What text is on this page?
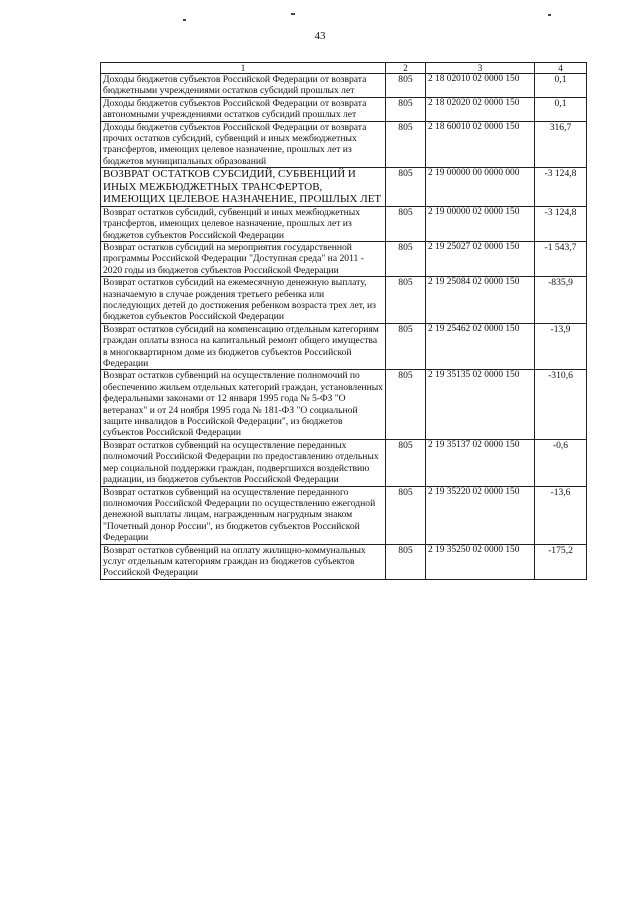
43
1	2	3	4
Доходы бюджетов субъектов Российской Федерации от возврата бюджетными учреждениями остатков субсидий прошлых лет	805	2 18 02010 02 0000 150	0,1
Доходы бюджетов субъектов Российской Федерации от возврата автономными учреждениями остатков субсидий прошлых лет	805	2 18 02020 02 0000 150	0,1
Доходы бюджетов субъектов Российской Федерации от возврата прочих остатков субсидий, субвенций и иных межбюджетных трансфертов, имеющих целевое назначение, прошлых лет из бюджетов муниципальных образований	805	2 18 60010 02 0000 150	316,7
ВОЗВРАТ ОСТАТКОВ СУБСИДИЙ, СУБВЕНЦИЙ И ИНЫХ МЕЖБЮДЖЕТНЫХ ТРАНСФЕРТОВ, ИМЕЮЩИХ ЦЕЛЕВОЕ НАЗНАЧЕНИЕ, ПРОШЛЫХ ЛЕТ	805	2 19 00000 00 0000 000	-3 124,8
Возврат остатков субсидий, субвенций и иных межбюджетных трансфертов, имеющих целевое назначение, прошлых лет из бюджетов субъектов Российской Федерации	805	2 19 00000 02 0000 150	-3 124,8
Возврат остатков субсидий на мероприятия государственной программы Российской Федерации "Доступная среда" на 2011 - 2020 годы из бюджетов субъектов Российской Федерации	805	2 19 25027 02 0000 150	-1 543,7
Возврат остатков субсидий на ежемесячную денежную выплату, назначаемую в случае рождения третьего ребенка или последующих детей до достижения ребенком возраста трех лет, из бюджетов субъектов Российской Федерации	805	2 19 25084 02 0000 150	-835,9
Возврат остатков субсидий на компенсацию отдельным категориям граждан оплаты взноса на капитальный ремонт общего имущества в многоквартирном доме из бюджетов субъектов Российской Федерации	805	2 19 25462 02 0000 150	-13,9
Возврат остатков субвенций на осуществление полномочий по обеспечению жильем отдельных категорий граждан, установленных федеральными законами от 12 января 1995 года № 5-ФЗ "О ветеранах" и от 24 ноября 1995 года № 181-ФЗ "О социальной защите инвалидов в Российской Федерации", из бюджетов субъектов Российской Федерации	805	2 19 35135 02 0000 150	-310,6
Возврат остатков субвенций на осуществление переданных полномочий Российской Федерации по предоставлению отдельных мер социальной поддержки граждан, подвергшихся воздействию радиации, из бюджетов субъектов Российской Федерации	805	2 19 35137 02 0000 150	-0,6
Возврат остатков субвенций на осуществление переданного полномочия Российской Федерации по осуществлению ежегодной денежной выплаты лицам, награжденным нагрудным знаком "Почетный донор России", из бюджетов субъектов Российской Федерации	805	2 19 35220 02 0000 150	-13,6
Возврат остатков субвенций на оплату жилищно-коммунальных услуг отдельным категориям граждан из бюджетов субъектов Российской Федерации	805	2 19 35250 02 0000 150	-175,2
